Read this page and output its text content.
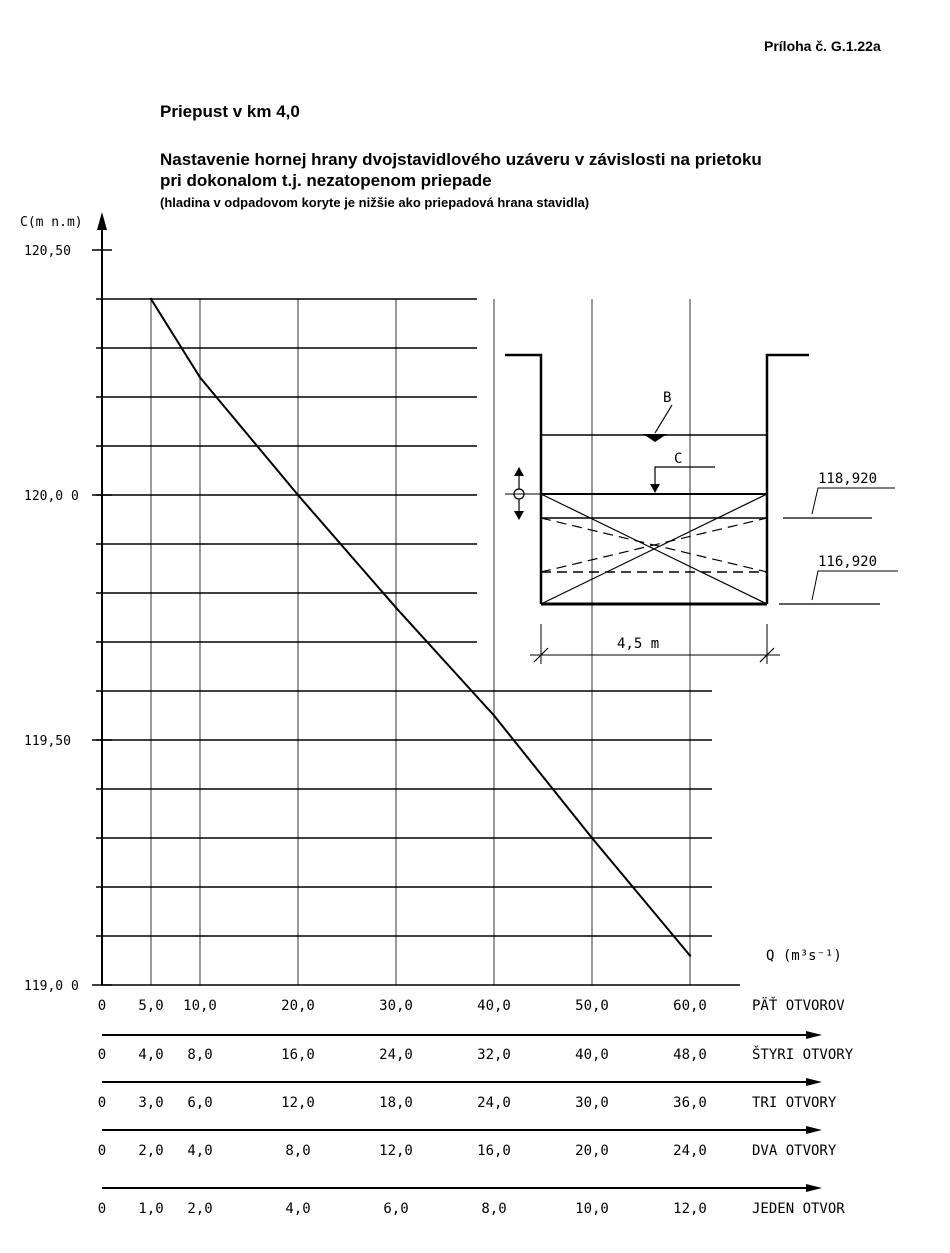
Príloha č. G.1.22a
Priepust v km 4,0
Nastavenie hornej hrany dvojstavidlového uzáveru v závislosti na prietoku
pri dokonalom t.j. nezatopenom priepade
(hladina v odpadovom koryte je nižšie ako priepadová hrana stavidla)
C(m n.m)
120,50
120,0 0
119,50
119,0 0
Q (m³s⁻¹)
0 5,0 10,0	20,0	30,0	40,0	50,0	60,0	PÄŤ OTVOROV
0 4,0 8,0	16,0	24,0	32,0	40,0	48,0	ŠTYRI OTVORY
0 3,0 6,0	12,0	18,0	24,0	30,0	36,0	TRI OTVORY
0 2,0 4,0	8,0	12,0	16,0	20,0	24,0	DVA OTVORY
0 1,0 2,0	4,0	6,0	8,0	10,0	12,0	JEDEN OTVOR
B
C
118,920
116,920
4,5 m
